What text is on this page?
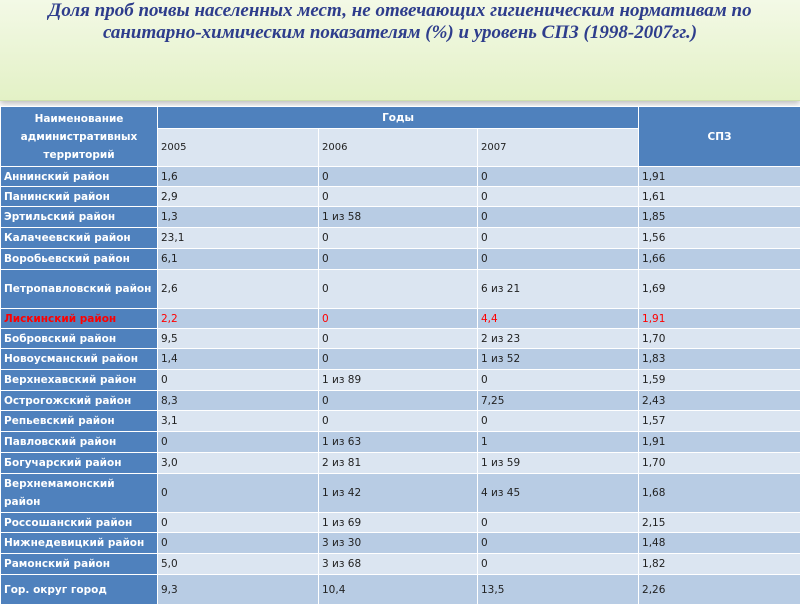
Доля проб почвы населенных мест, не отвечающих гигиеническим нормативам по санитарно-химическим показателям (%) и уровень СПЗ (1998-2007гг.)
Наименование административных территорий	Годы			СПЗ
	2005	2006	2007	
Аннинский район	1,6	0	0	1,91
Панинский район	2,9	0	0	1,61
Эртильский район	1,3	1 из 58	0	1,85
Калачеевский район	23,1	0	0	1,56
Воробьевский район	6,1	0	0	1,66
Петропавловский район	2,6	0	6 из 21	1,69
Лискинский район	2,2	0	4,4	1,91
Бобровский район	9,5	0	2 из 23	1,70
Новоусманский район	1,4	0	1 из 52	1,83
Верхнехавский район	0	1 из 89	0	1,59
Острогожский район	8,3	0	7,25	2,43
Репьевский район	3,1	0	0	1,57
Павловский район	0	1 из 63	1	1,91
Богучарский район	3,0	2 из 81	1 из 59	1,70
Верхнемамонский район	0	1 из 42	4 из 45	1,68
Россошанский район	0	1 из 69	0	2,15
Нижнедевицкий район	0	3 из 30	0	1,48
Рамонский район	5,0	3 из 68	0	1,82
Гор. округ город	9,3	10,4	13,5	2,26
